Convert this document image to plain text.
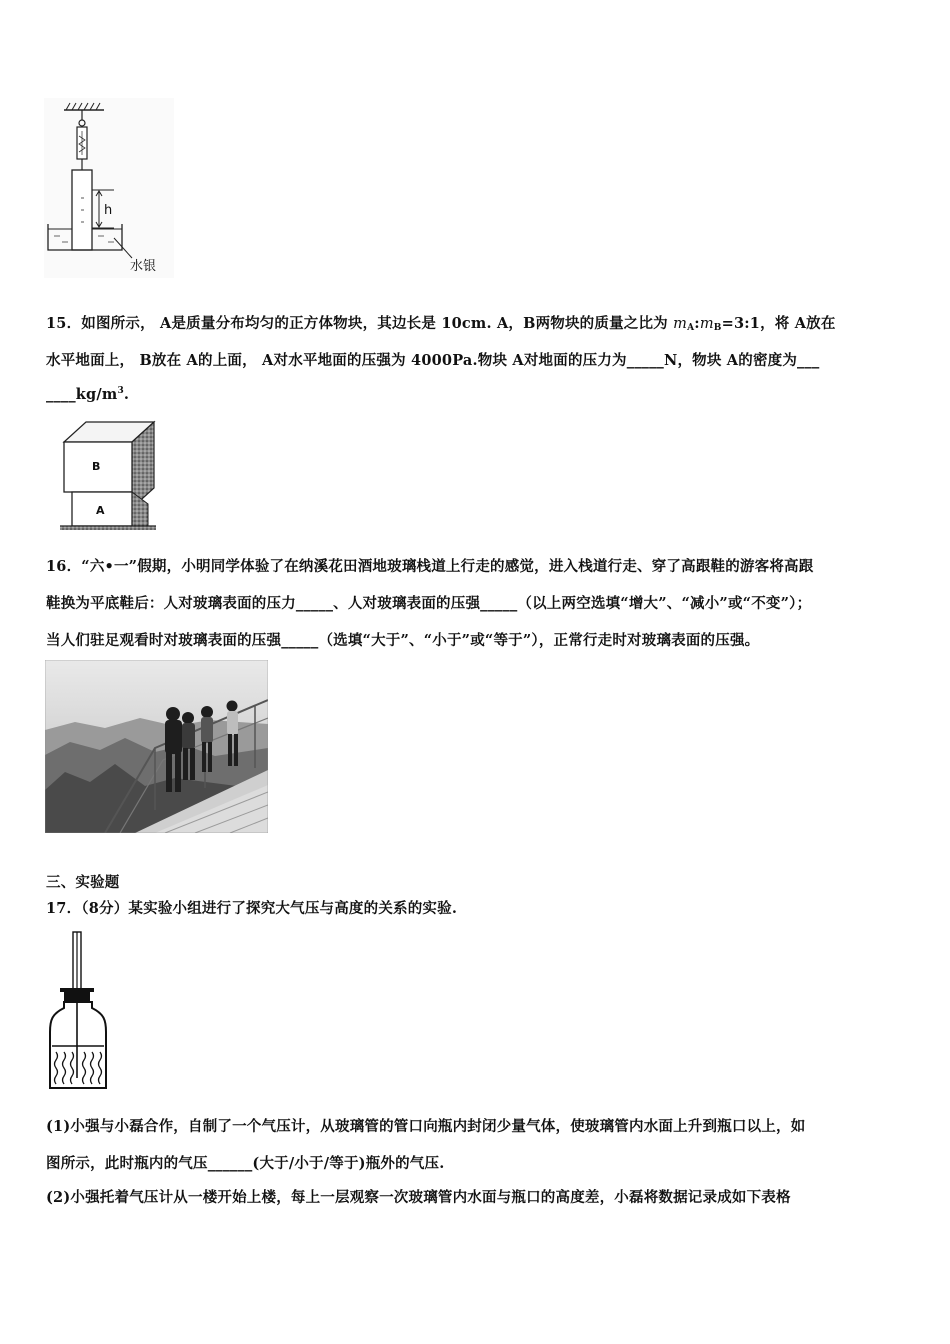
h
水银
15．如图所示， A是质量分布均匀的正方体物块，其边长是 10cm. A，B两物块的质量之比为 $m_A:m_B=3:1$，将 A放在
水平地面上， B放在 A的上面， A对水平地面的压强为 4000Pa.物块 A对地面的压力为_____N，物块 A的密度为___
$\_\_\_\_kg/m^3$.
B
A
16．“六•一”假期，小明同学体验了在纳溪花田酒地玻璃栈道上行走的感觉，进入栈道行走、穿了高跟鞋的游客将高跟
鞋换为平底鞋后：人对玻璃表面的压力_____、人对玻璃表面的压强_____（以上两空选填“增大”、“减小”或“不变”）；
当人们驻足观看时对玻璃表面的压强_____（选填“大于”、“小于”或“等于”），正常行走时对玻璃表面的压强。
三、实验题
17．（8分）某实验小组进行了探究大气压与高度的关系的实验.
(1)小强与小磊合作，自制了一个气压计，从玻璃管的管口向瓶内封闭少量气体，使玻璃管内水面上升到瓶口以上，如
图所示，此时瓶内的气压______(大于/小于/等于)瓶外的气压.
(2)小强托着气压计从一楼开始上楼，每上一层观察一次玻璃管内水面与瓶口的高度差，小磊将数据记录成如下表格
